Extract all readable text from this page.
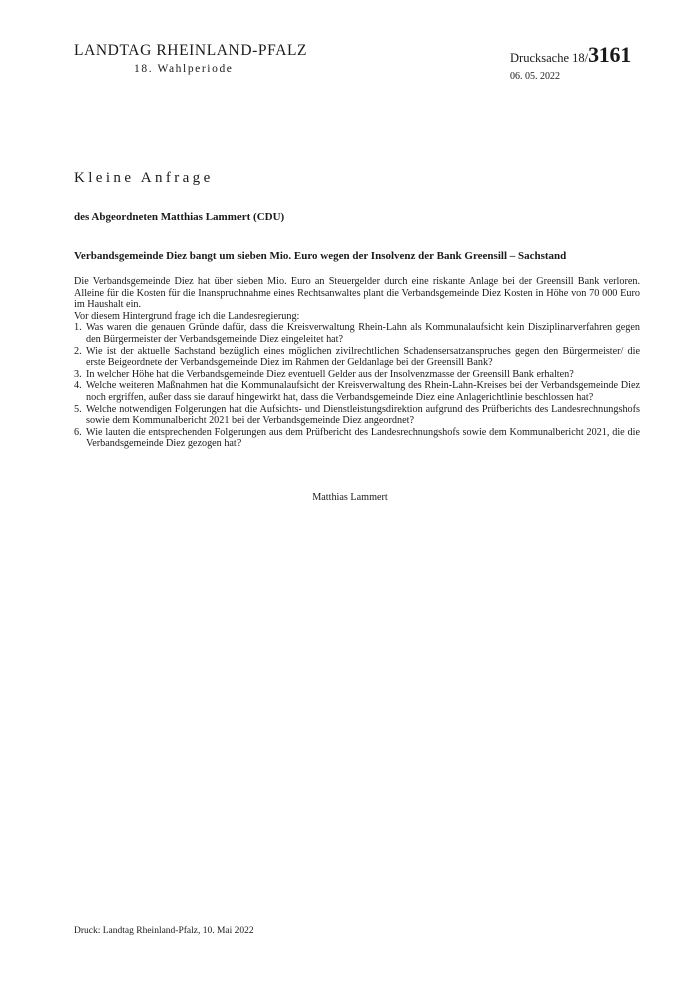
LANDTAG RHEINLAND-PFALZ
18. Wahlperiode
Drucksache 18/3161
06. 05. 2022
Kleine Anfrage
des Abgeordneten Matthias Lammert (CDU)
Verbandsgemeinde Diez bangt um sieben Mio. Euro wegen der Insolvenz der Bank Greensill – Sachstand

Die Verbandsgemeinde Diez hat über sieben Mio. Euro an Steuergelder durch eine riskante Anlage bei der Greensill Bank verloren. Alleine für die Kosten für die Inanspruchnahme eines Rechtsanwaltes plant die Verbandsgemeinde Diez Kosten in Höhe von 70 000 Euro im Haushalt ein.

Vor diesem Hintergrund frage ich die Landesregierung:

1. Was waren die genauen Gründe dafür, dass die Kreisverwaltung Rhein-Lahn als Kommunalaufsicht kein Disziplinarverfahren gegen den Bürgermeister der Verbandsgemeinde Diez eingeleitet hat?
2. Wie ist der aktuelle Sachstand bezüglich eines möglichen zivilrechtlichen Schadensersatzanspruches gegen den Bürgermeister/ die erste Beigeordnete der Verbandsgemeinde Diez im Rahmen der Geldanlage bei der Greensill Bank?
3. In welcher Höhe hat die Verbandsgemeinde Diez eventuell Gelder aus der Insolvenzmasse der Greensill Bank erhalten?
4. Welche weiteren Maßnahmen hat die Kommunalaufsicht der Kreisverwaltung des Rhein-Lahn-Kreises bei der Verbandsgemeinde Diez noch ergriffen, außer dass sie darauf hingewirkt hat, dass die Verbandsgemeinde Diez eine Anlagerichtlinie beschlossen hat?
5. Welche notwendigen Folgerungen hat die Aufsichts- und Dienstleistungsdirektion aufgrund des Prüfberichts des Landesrechnungshofs sowie dem Kommunalbericht 2021 bei der Verbandsgemeinde Diez angeordnet?
6. Wie lauten die entsprechenden Folgerungen aus dem Prüfbericht des Landesrechnungshofs sowie dem Kommunalbericht 2021, die die Verbandsgemeinde Diez gezogen hat?
Matthias Lammert
Druck: Landtag Rheinland-Pfalz, 10. Mai 2022
